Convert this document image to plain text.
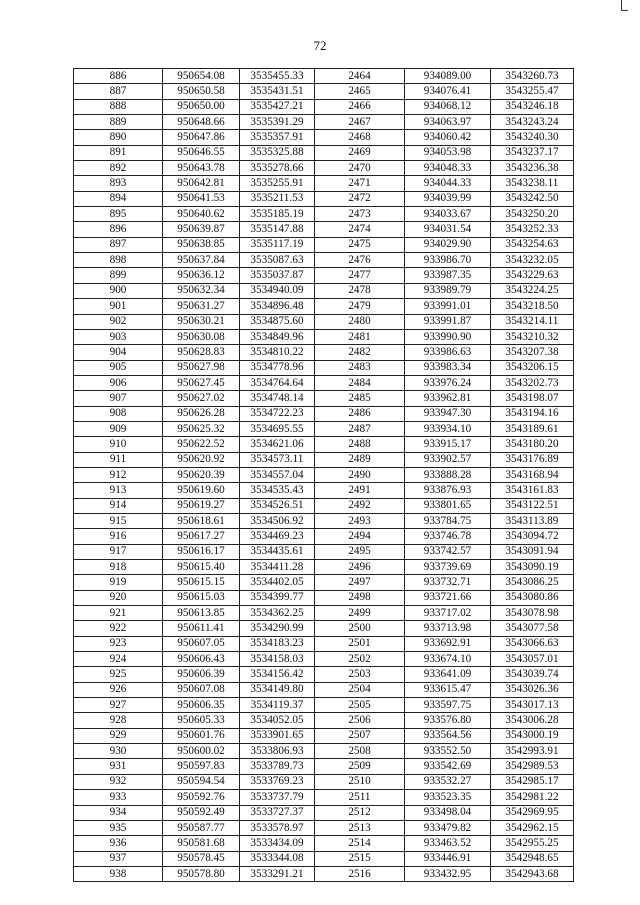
72
886	950654.08	3535455.33	2464	934089.00	3543260.73
887	950650.58	3535431.51	2465	934076.41	3543255.47
888	950650.00	3535427.21	2466	934068.12	3543246.18
889	950648.66	3535391.29	2467	934063.97	3543243.24
890	950647.86	3535357.91	2468	934060.42	3543240.30
891	950646.55	3535325.88	2469	934053.98	3543237.17
892	950643.78	3535278.66	2470	934048.33	3543236.38
893	950642.81	3535255.91	2471	934044.33	3543238.11
894	950641.53	3535211.53	2472	934039.99	3543242.50
895	950640.62	3535185.19	2473	934033.67	3543250.20
896	950639.87	3535147.88	2474	934031.54	3543252.33
897	950638.85	3535117.19	2475	934029.90	3543254.63
898	950637.84	3535087.63	2476	933986.70	3543232.05
899	950636.12	3535037.87	2477	933987.35	3543229.63
900	950632.34	3534940.09	2478	933989.79	3543224.25
901	950631.27	3534896.48	2479	933991.01	3543218.50
902	950630.21	3534875.60	2480	933991.87	3543214.11
903	950630.08	3534849.96	2481	933990.90	3543210.32
904	950628.83	3534810.22	2482	933986.63	3543207.38
905	950627.98	3534778.96	2483	933983.34	3543206.15
906	950627.45	3534764.64	2484	933976.24	3543202.73
907	950627.02	3534748.14	2485	933962.81	3543198.07
908	950626.28	3534722.23	2486	933947.30	3543194.16
909	950625.32	3534695.55	2487	933934.10	3543189.61
910	950622.52	3534621.06	2488	933915.17	3543180.20
911	950620.92	3534573.11	2489	933902.57	3543176.89
912	950620.39	3534557.04	2490	933888.28	3543168.94
913	950619.60	3534535.43	2491	933876.93	3543161.83
914	950619.27	3534526.51	2492	933801.65	3543122.51
915	950618.61	3534506.92	2493	933784.75	3543113.89
916	950617.27	3534469.23	2494	933746.78	3543094.72
917	950616.17	3534435.61	2495	933742.57	3543091.94
918	950615.40	3534411.28	2496	933739.69	3543090.19
919	950615.15	3534402.05	2497	933732.71	3543086.25
920	950615.03	3534399.77	2498	933721.66	3543080.86
921	950613.85	3534362.25	2499	933717.02	3543078.98
922	950611.41	3534290.99	2500	933713.98	3543077.58
923	950607.05	3534183.23	2501	933692.91	3543066.63
924	950606.43	3534158.03	2502	933674.10	3543057.01
925	950606.39	3534156.42	2503	933641.09	3543039.74
926	950607.08	3534149.80	2504	933615.47	3543026.36
927	950606.35	3534119.37	2505	933597.75	3543017.13
928	950605.33	3534052.05	2506	933576.80	3543006.28
929	950601.76	3533901.65	2507	933564.56	3543000.19
930	950600.02	3533806.93	2508	933552.50	3542993.91
931	950597.83	3533789.73	2509	933542.69	3542989.53
932	950594.54	3533769.23	2510	933532.27	3542985.17
933	950592.76	3533737.79	2511	933523.35	3542981.22
934	950592.49	3533727.37	2512	933498.04	3542969.95
935	950587.77	3533578.97	2513	933479.82	3542962.15
936	950581.68	3533434.09	2514	933463.52	3542955.25
937	950578.45	3533344.08	2515	933446.91	3542948.65
938	950578.80	3533291.21	2516	933432.95	3542943.68
